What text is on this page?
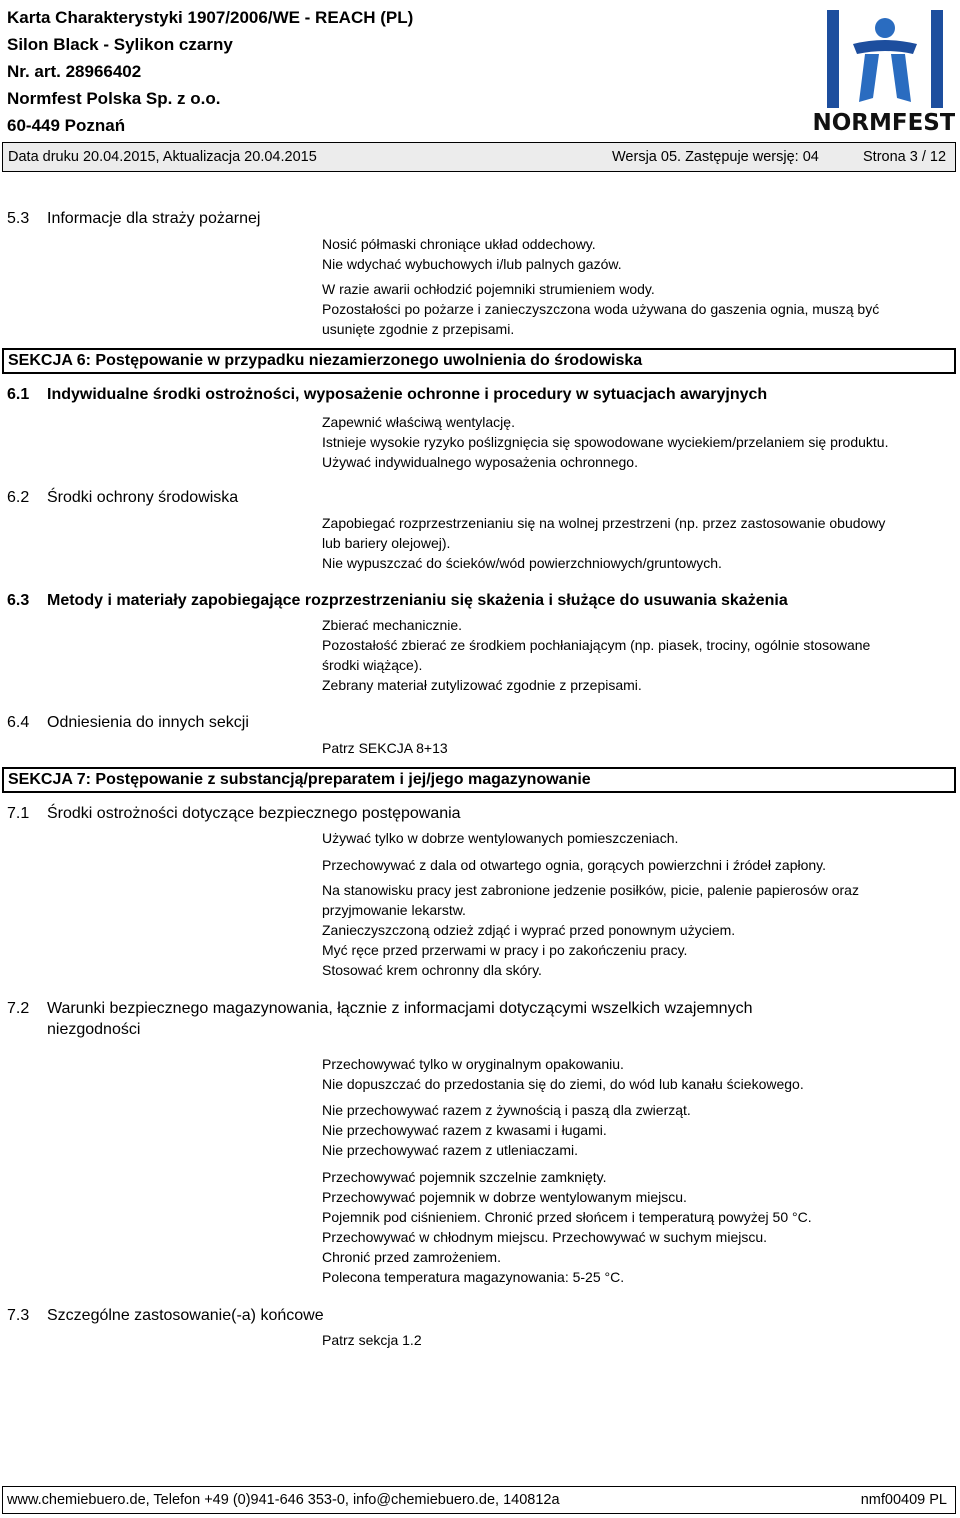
Karta Charakterystyki 1907/2006/WE - REACH (PL)
Silon Black - Sylikon czarny
Nr. art. 28966402
Normfest Polska Sp. z o.o.
60-449 Poznań	NORMFEST
Data druku 20.04.2015, Aktualizacja 20.04.2015	Wersja 05. Zastępuje wersję: 04	Strona 3 / 12
5.3 Informacje dla straży pożarnej
Nosić półmaski chroniące układ oddechowy.
Nie wdychać wybuchowych i/lub palnych gazów.
W razie awarii ochłodzić pojemniki strumieniem wody.
Pozostałości po pożarze i zanieczyszczona woda używana do gaszenia ognia, muszą być
usunięte zgodnie z przepisami.
SEKCJA 6: Postępowanie w przypadku niezamierzonego uwolnienia do środowiska
6.1 Indywidualne środki ostrożności, wyposażenie ochronne i procedury w sytuacjach awaryjnych
Zapewnić właściwą wentylację.
Istnieje wysokie ryzyko poślizgnięcia się spowodowane wyciekiem/przelaniem się produktu.
Używać indywidualnego wyposażenia ochronnego.
6.2 Środki ochrony środowiska
Zapobiegać rozprzestrzenianiu się na wolnej przestrzeni (np. przez zastosowanie obudowy
lub bariery olejowej).
Nie wypuszczać do ścieków/wód powierzchniowych/gruntowych.
6.3 Metody i materiały zapobiegające rozprzestrzenianiu się skażenia i służące do usuwania skażenia
Zbierać mechanicznie.
Pozostałość zbierać ze środkiem pochłaniającym (np. piasek, trociny, ogólnie stosowane
środki wiążące).
Zebrany materiał zutylizować zgodnie z przepisami.
6.4 Odniesienia do innych sekcji
Patrz SEKCJA 8+13
SEKCJA 7: Postępowanie z substancją/preparatem i jej/jego magazynowanie
7.1 Środki ostrożności dotyczące bezpiecznego postępowania
Używać tylko w dobrze wentylowanych pomieszczeniach.
Przechowywać z dala od otwartego ognia, gorących powierzchni i źródeł zapłony.
Na stanowisku pracy jest zabronione jedzenie posiłków, picie, palenie papierosów oraz
przyjmowanie lekarstw.
Zanieczyszczoną odzież zdjąć i wyprać przed ponownym użyciem.
Myć ręce przed przerwami w pracy i po zakończeniu pracy.
Stosować krem ochronny dla skóry.
7.2 Warunki bezpiecznego magazynowania, łącznie z informacjami dotyczącymi wszelkich wzajemnych
niezgodności
Przechowywać tylko w oryginalnym opakowaniu.
Nie dopuszczać do przedostania się do ziemi, do wód lub kanału ściekowego.
Nie przechowywać razem z żywnością i paszą dla zwierząt.
Nie przechowywać razem z kwasami i ługami.
Nie przechowywać razem z utleniaczami.
Przechowywać pojemnik szczelnie zamknięty.
Przechowywać pojemnik w dobrze wentylowanym miejscu.
Pojemnik pod ciśnieniem. Chronić przed słońcem i temperaturą powyżej 50 °C.
Przechowywać w chłodnym miejscu. Przechowywać w suchym miejscu.
Chronić przed zamrożeniem.
Polecona temperatura magazynowania: 5-25 °C.
7.3 Szczególne zastosowanie(-a) końcowe
Patrz sekcja 1.2
www.chemiebuero.de, Telefon +49 (0)941-646 353-0, info@chemiebuero.de, 140812a	nmf00409 PL
